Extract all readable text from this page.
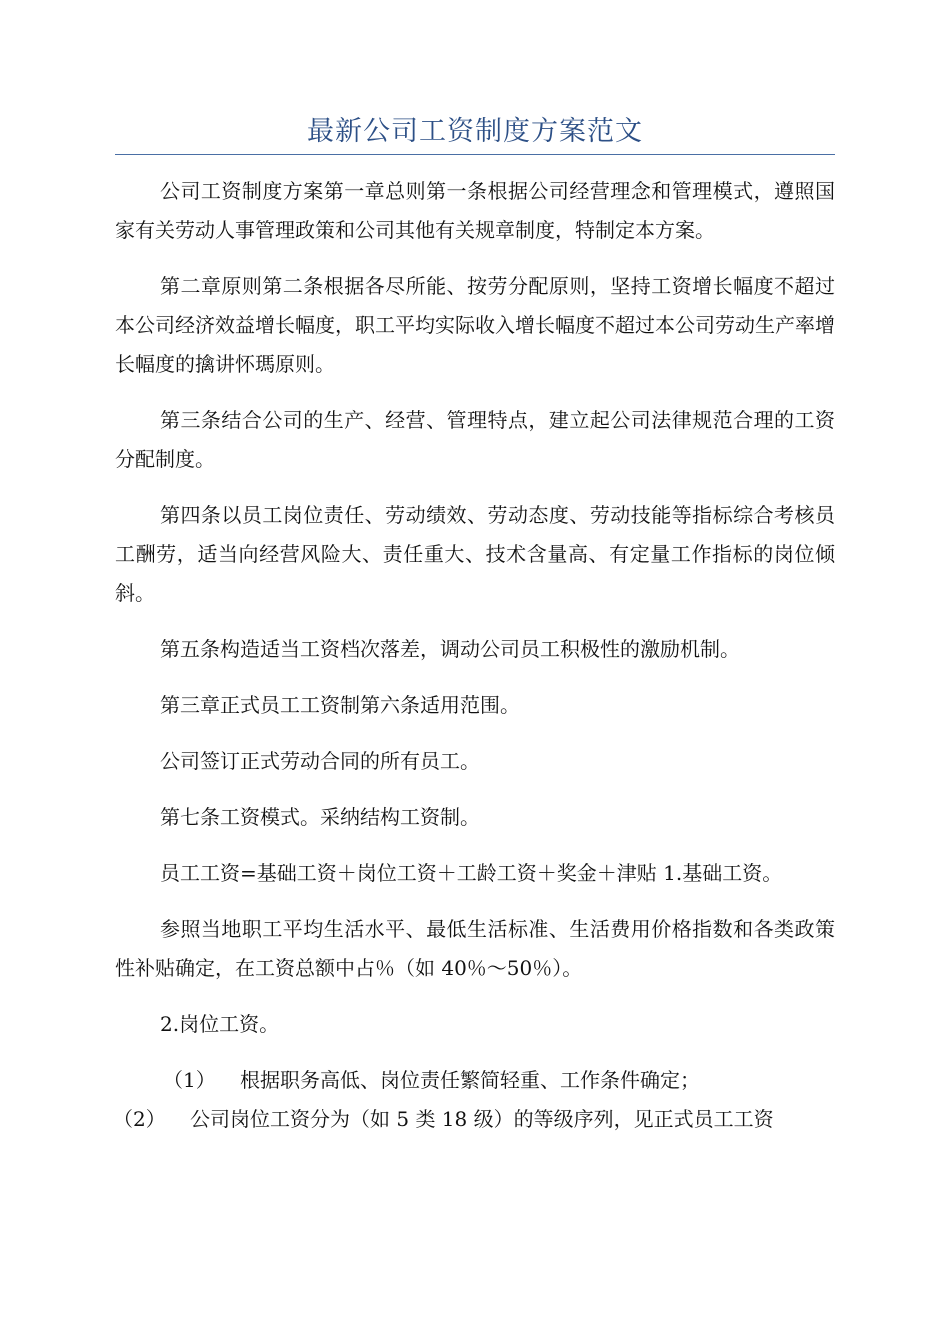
最新公司工资制度方案范文

公司工资制度方案第一章总则第一条根据公司经营理念和管理模式，遵照国家有关劳动人事管理政策和公司其他有关规章制度，特制定本方案。

第二章原则第二条根据各尽所能、按劳分配原则，坚持工资增长幅度不超过本公司经济效益增长幅度，职工平均实际收入增长幅度不超过本公司劳动生产率增长幅度的擒讲怀瑪原则。

第三条结合公司的生产、经营、管理特点，建立起公司法律规范合理的工资分配制度。

第四条以员工岗位责任、劳动绩效、劳动态度、劳动技能等指标综合考核员工酬劳，适当向经营风险大、责任重大、技术含量高、有定量工作指标的岗位倾斜。

第五条构造适当工资档次落差，调动公司员工积极性的激励机制。

第三章正式员工工资制第六条适用范围。

公司签订正式劳动合同的所有员工。

第七条工资模式。采纳结构工资制。

员工工资=基础工资＋岗位工资＋工龄工资＋奖金＋津贴 1.基础工资。

参照当地职工平均生活水平、最低生活标准、生活费用价格指数和各类政策性补贴确定，在工资总额中占％（如 40％～50％）。

2.岗位工资。

（1） 根据职务高低、岗位责任繁简轻重、工作条件确定；
（2） 公司岗位工资分为（如 5 类 18 级）的等级序列，见正式员工工资
